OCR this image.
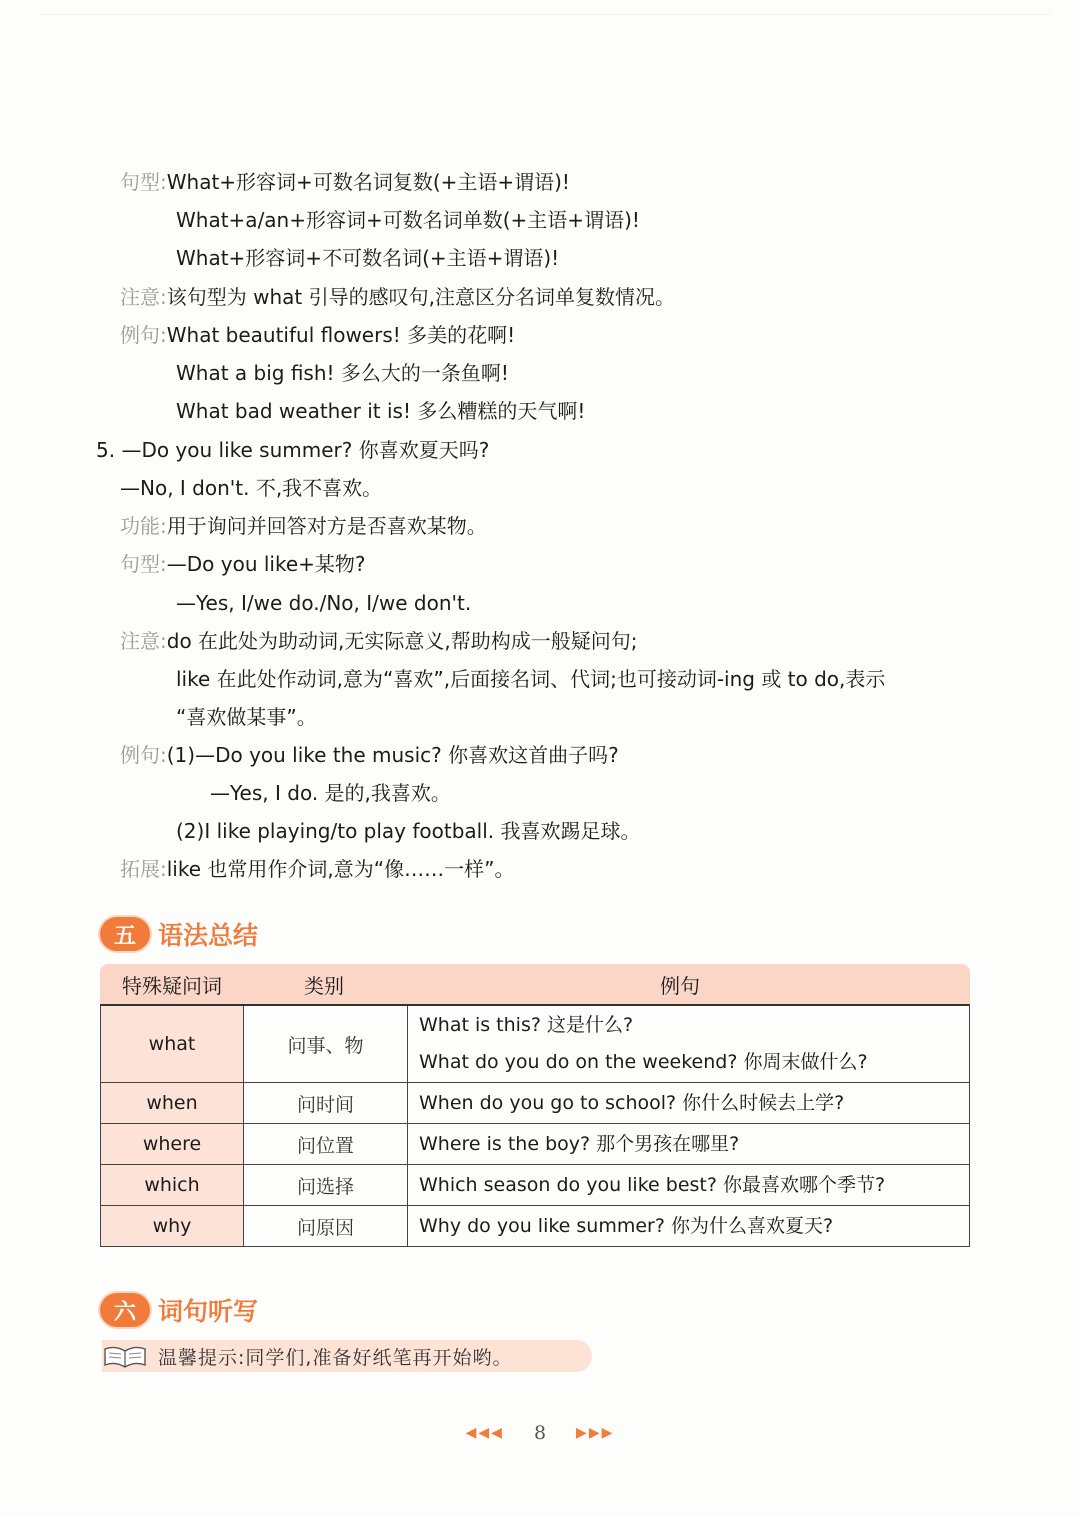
句型:What+形容词+可数名词复数(+主语+谓语)!
What+a/an+形容词+可数名词单数(+主语+谓语)!
What+形容词+不可数名词(+主语+谓语)!
注意:该句型为 what 引导的感叹句,注意区分名词单复数情况。
例句:What beautiful flowers! 多美的花啊!
What a big fish! 多么大的一条鱼啊!
What bad weather it is! 多么糟糕的天气啊!
5. —Do you like summer? 你喜欢夏天吗?
—No, I don't. 不,我不喜欢。
功能:用于询问并回答对方是否喜欢某物。
句型:—Do you like+某物?
—Yes, I/we do./No, I/we don't.
注意:do 在此处为助动词,无实际意义,帮助构成一般疑问句;
like 在此处作动词,意为“喜欢”,后面接名词、代词;也可接动词-ing 或 to do,表示
“喜欢做某事”。
例句:(1)—Do you like the music? 你喜欢这首曲子吗?
—Yes, I do. 是的,我喜欢。
(2)I like playing/to play football. 我喜欢踢足球。
拓展:like 也常用作介词,意为“像……一样”。
五 语法总结
特殊疑问词	类别	例句
what	问事、物
What is this? 这是什么?
What do you do on the weekend? 你周末做什么?
when	问时间	When do you go to school? 你什么时候去上学?
where	问位置	Where is the boy? 那个男孩在哪里?
which	问选择	Which season do you like best? 你最喜欢哪个季节?
why	问原因	Why do you like summer? 你为什么喜欢夏天?
六 词句听写
温馨提示:同学们,准备好纸笔再开始哟。
◀◀◀ 8 ▶▶▶
